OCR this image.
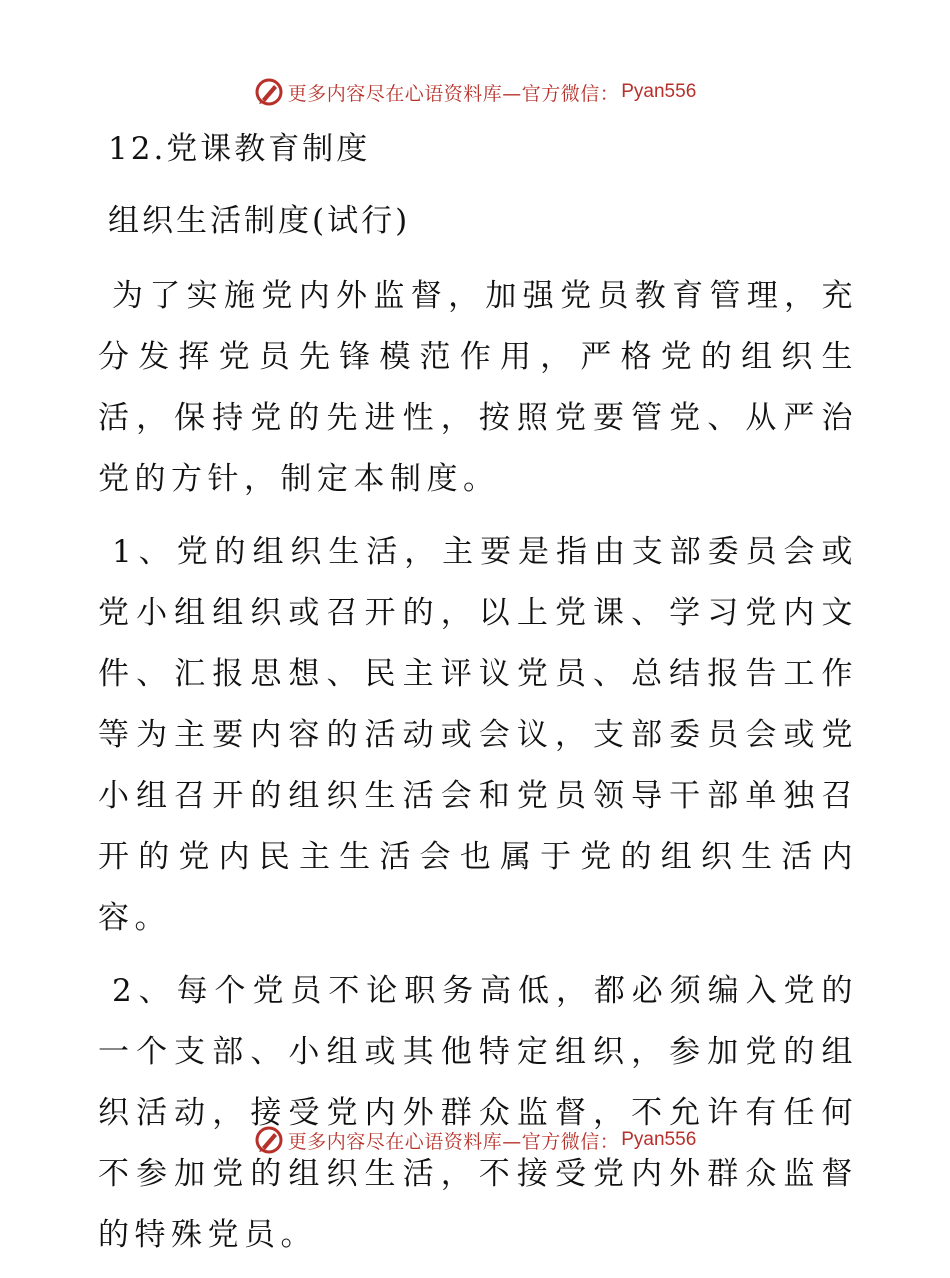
更多内容尽在心语资料库—官方微信： Pyan556
12.党课教育制度
组织生活制度(试行)

为了实施党内外监督，加强党员教育管理，充分发挥党员先锋模范作用，严格党的组织生活，保持党的先进性，按照党要管党、从严治党的方针，制定本制度。

1、党的组织生活，主要是指由支部委员会或党小组组织或召开的，以上党课、学习党内文件、汇报思想、民主评议党员、总结报告工作等为主要内容的活动或会议，支部委员会或党小组召开的组织生活会和党员领导干部单独召开的党内民主生活会也属于党的组织生活内容。

2、每个党员不论职务高低，都必须编入党的一个支部、小组或其他特定组织，参加党的组织活动，接受党内外群众监督，不允许有任何不参加党的组织生活，不接受党内外群众监督的特殊党员。

更多内容尽在心语资料库—官方微信： Pyan556
